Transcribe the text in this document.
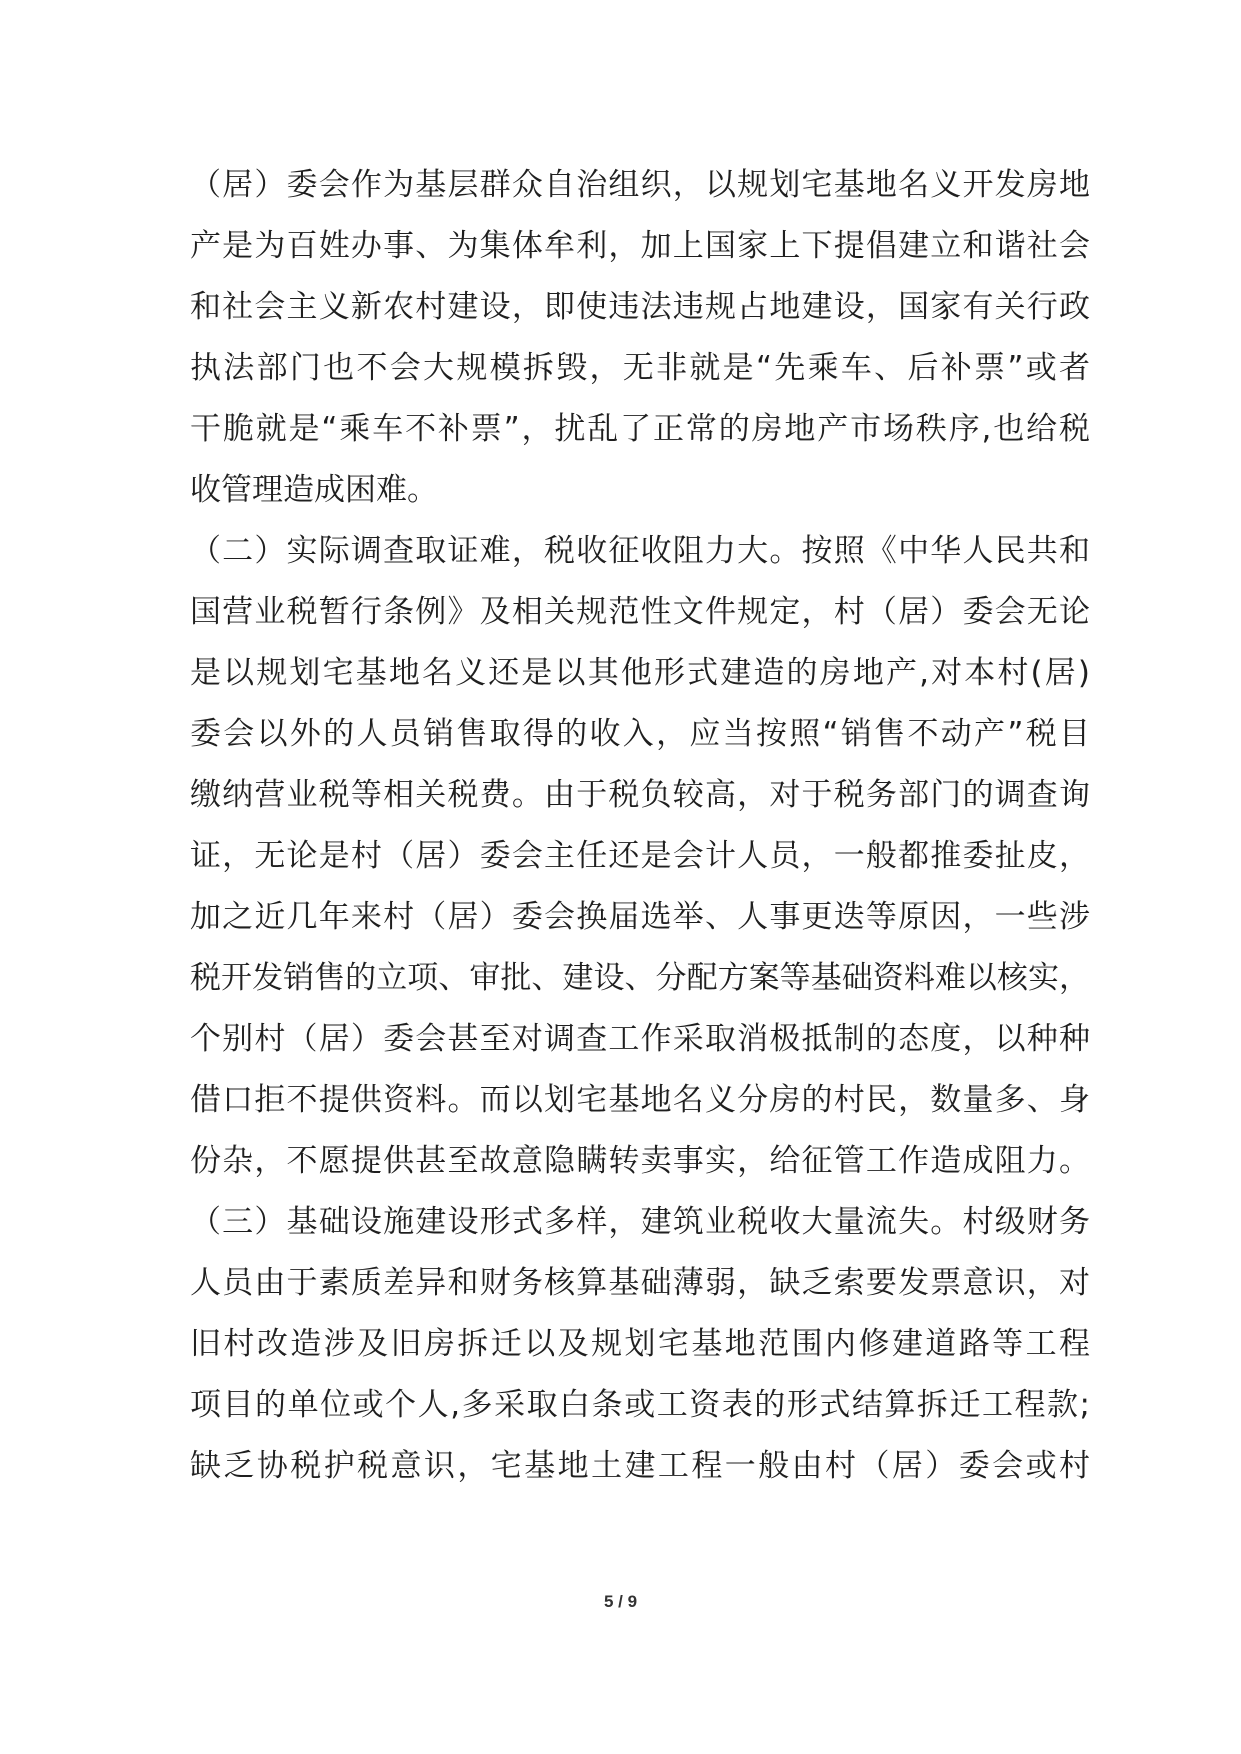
（居）委会作为基层群众自治组织，以规划宅基地名义开发房地
产是为百姓办事、为集体牟利，加上国家上下提倡建立和谐社会
和社会主义新农村建设，即使违法违规占地建设，国家有关行政
执法部门也不会大规模拆毁，无非就是“先乘车、后补票”或者
干脆就是“乘车不补票”，扰乱了正常的房地产市场秩序,也给税
收管理造成困难。
（二）实际调查取证难，税收征收阻力大。按照《中华人民共和
国营业税暂行条例》及相关规范性文件规定，村（居）委会无论
是以规划宅基地名义还是以其他形式建造的房地产,对本村(居)
委会以外的人员销售取得的收入，应当按照“销售不动产”税目
缴纳营业税等相关税费。由于税负较高，对于税务部门的调查询
证，无论是村（居）委会主任还是会计人员，一般都推委扯皮，
加之近几年来村（居）委会换届选举、人事更迭等原因，一些涉
税开发销售的立项、审批、建设、分配方案等基础资料难以核实，
个别村（居）委会甚至对调查工作采取消极抵制的态度，以种种
借口拒不提供资料。而以划宅基地名义分房的村民，数量多、身
份杂，不愿提供甚至故意隐瞒转卖事实，给征管工作造成阻力。
（三）基础设施建设形式多样，建筑业税收大量流失。村级财务
人员由于素质差异和财务核算基础薄弱，缺乏索要发票意识，对
旧村改造涉及旧房拆迁以及规划宅基地范围内修建道路等工程
项目的单位或个人,多采取白条或工资表的形式结算拆迁工程款;
缺乏协税护税意识，宅基地土建工程一般由村（居）委会或村
5 / 9
